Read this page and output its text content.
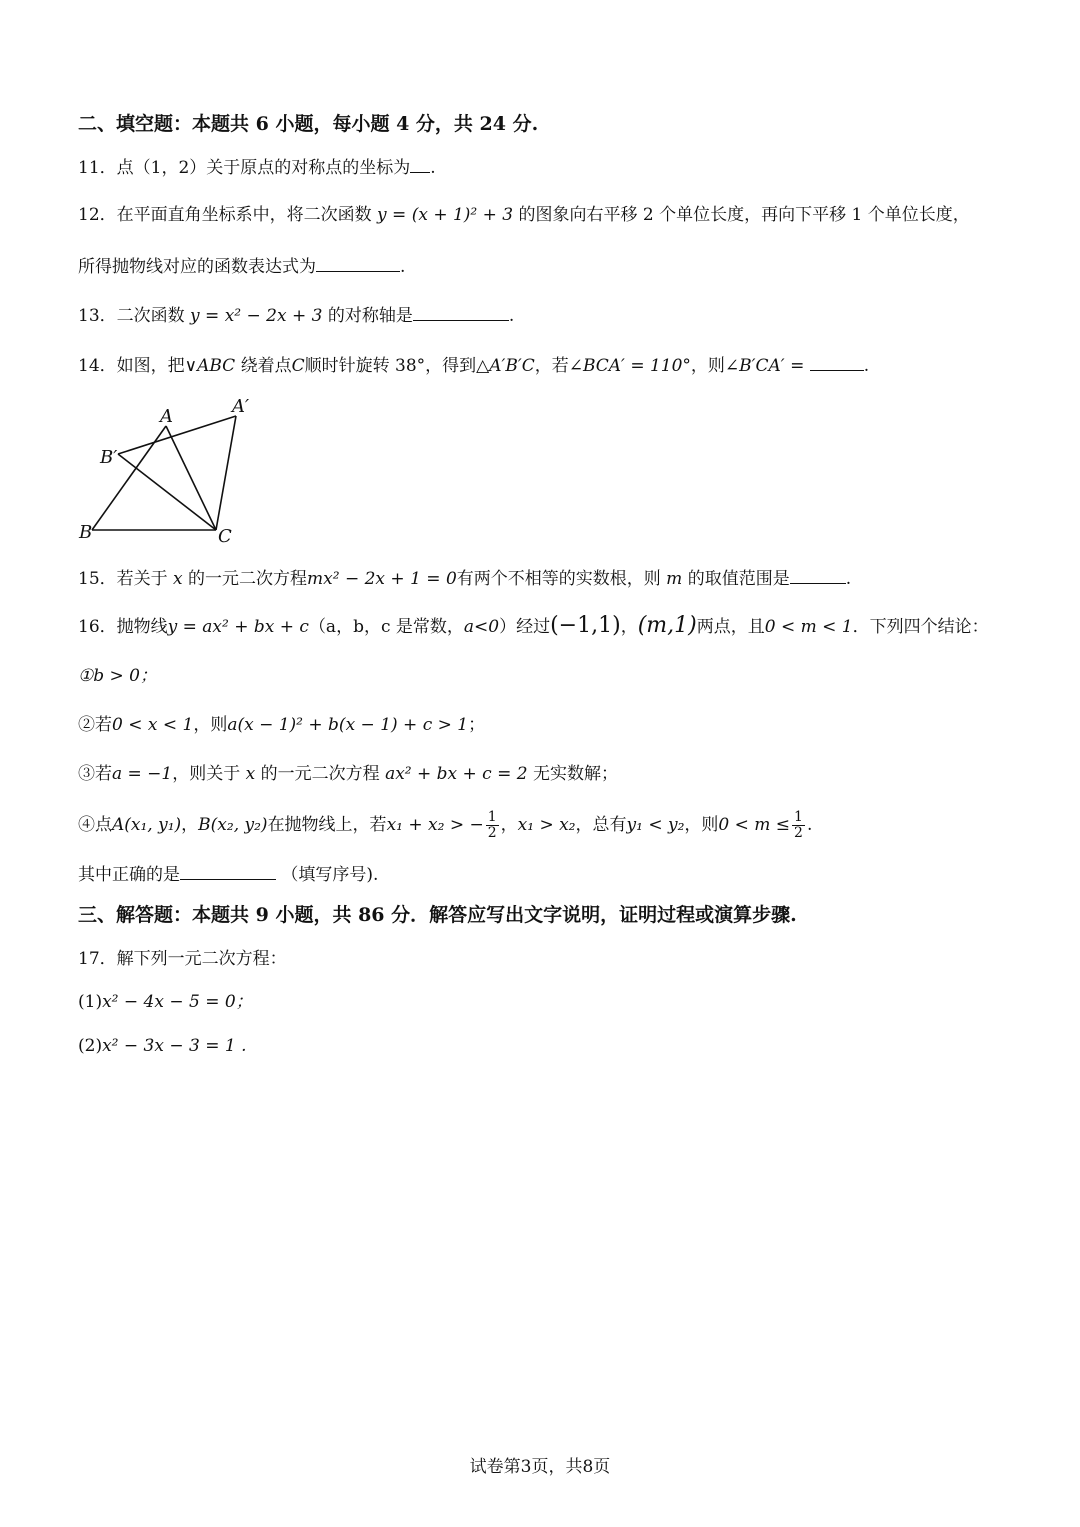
二、填空题：本题共 6 小题，每小题 4 分，共 24 分.
11．点（1，2）关于原点的对称点的坐标为 .
12．在平面直角坐标系中，将二次函数 y = (x + 1)² + 3 的图象向右平移 2 个单位长度，再向下平移 1 个单位长度，
所得抛物线对应的函数表达式为	.
13．二次函数 y = x² − 2x + 3 的对称轴是	.
14．如图，把∨ABC 绕着点C顺时针旋转 38°，得到△A′B′C，若∠BCA′ = 110°，则∠B′CA′ =	.
A	A′
B′
B	C
15．若关于 x 的一元二次方程mx² − 2x + 1 = 0有两个不相等的实数根，则 m 的取值范围是	.
16．抛物线y = ax² + bx + c（a，b，c 是常数，a<0）经过(−1,1)，(m,1)两点，且0 < m < 1．下列四个结论：
①b > 0；
②若0 < x < 1，则a(x − 1)² + b(x − 1) + c > 1；
③若a = −1，则关于 x 的一元二次方程 ax² + bx + c = 2 无实数解；
④点A(x₁, y₁)，B(x₂, y₂)在抛物线上，若x₁ + x₂ > − $\frac{1}{2}$ ，x₁ > x₂，总有y₁ < y₂，则$0 < m \le \frac{1}{2}$ .
其中正确的是	（填写序号).
三、解答题：本题共 9 小题，共 86 分．解答应写出文字说明，证明过程或演算步骤.
17．解下列一元二次方程：
(1)x² − 4x − 5 = 0；
(2)x² − 3x − 3 = 1 .
试卷第3页，共8页
